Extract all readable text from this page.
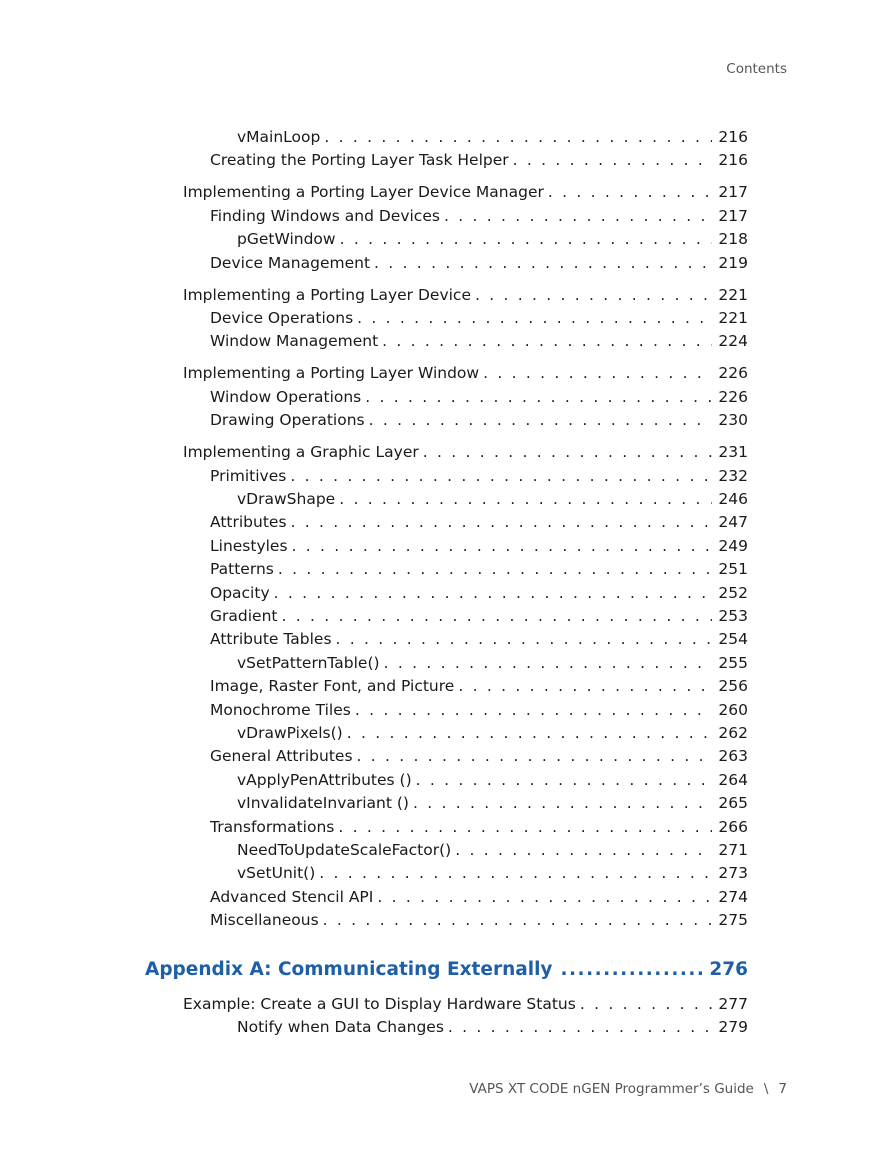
Contents
vMainLoop . . .	216
Creating the Porting Layer Task Helper . . .	216
Implementing a Porting Layer Device Manager . . .	217
Finding Windows and Devices . . .	217
pGetWindow . . .	218
Device Management . . .	219
Implementing a Porting Layer Device . . .	221
Device Operations . . .	221
Window Management . . .	224
Implementing a Porting Layer Window . . .	226
Window Operations . . .	226
Drawing Operations . . .	230
Implementing a Graphic Layer . . .	231
Primitives . . .	232
vDrawShape . . .	246
Attributes . . .	247
Linestyles . . .	249
Patterns . . .	251
Opacity . . .	252
Gradient . . .	253
Attribute Tables . . .	254
vSetPatternTable() . . .	255
Image, Raster Font, and Picture . . .	256
Monochrome Tiles . . .	260
vDrawPixels() . . .	262
General Attributes . . .	263
vApplyPenAttributes () . . .	264
vInvalidateInvariant () . . .	265
Transformations . . .	266
NeedToUpdateScaleFactor() . . .	271
vSetUnit() . . .	273
Advanced Stencil API . . .	274
Miscellaneous . . .	275
Appendix A: Communicating Externally .....	276
Example: Create a GUI to Display Hardware Status . . .	277
Notify when Data Changes . . .	279
VAPS XT CODE nGEN Programmer’s Guide \ 7
